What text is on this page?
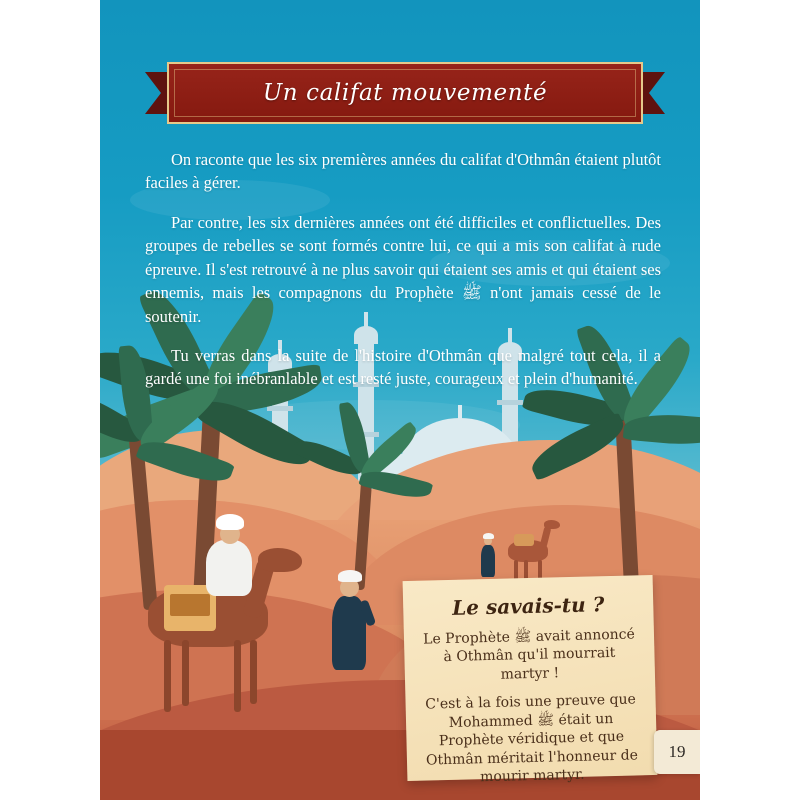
Un califat mouvementé

On raconte que les six premières années du califat d'Othmân étaient plutôt faciles à gérer.

Par contre, les six dernières années ont été difficiles et conflictuelles. Des groupes de rebelles se sont formés contre lui, ce qui a mis son califat à rude épreuve. Il s'est retrouvé à ne plus savoir qui étaient ses amis et qui étaient ses ennemis, mais les compagnons du Prophète ﷺ n'ont jamais cessé de le soutenir.

Tu verras dans la suite de l'histoire d'Othmân que malgré tout cela, il a gardé une foi inébranlable et est resté juste, courageux et plein d'humanité.

Le savais-tu ?

Le Prophète ﷺ avait annoncé à Othmân qu'il mourrait martyr !

C'est à la fois une preuve que Mohammed ﷺ était un Prophète véridique et que Othmân méritait l'honneur de mourir martyr.

19
